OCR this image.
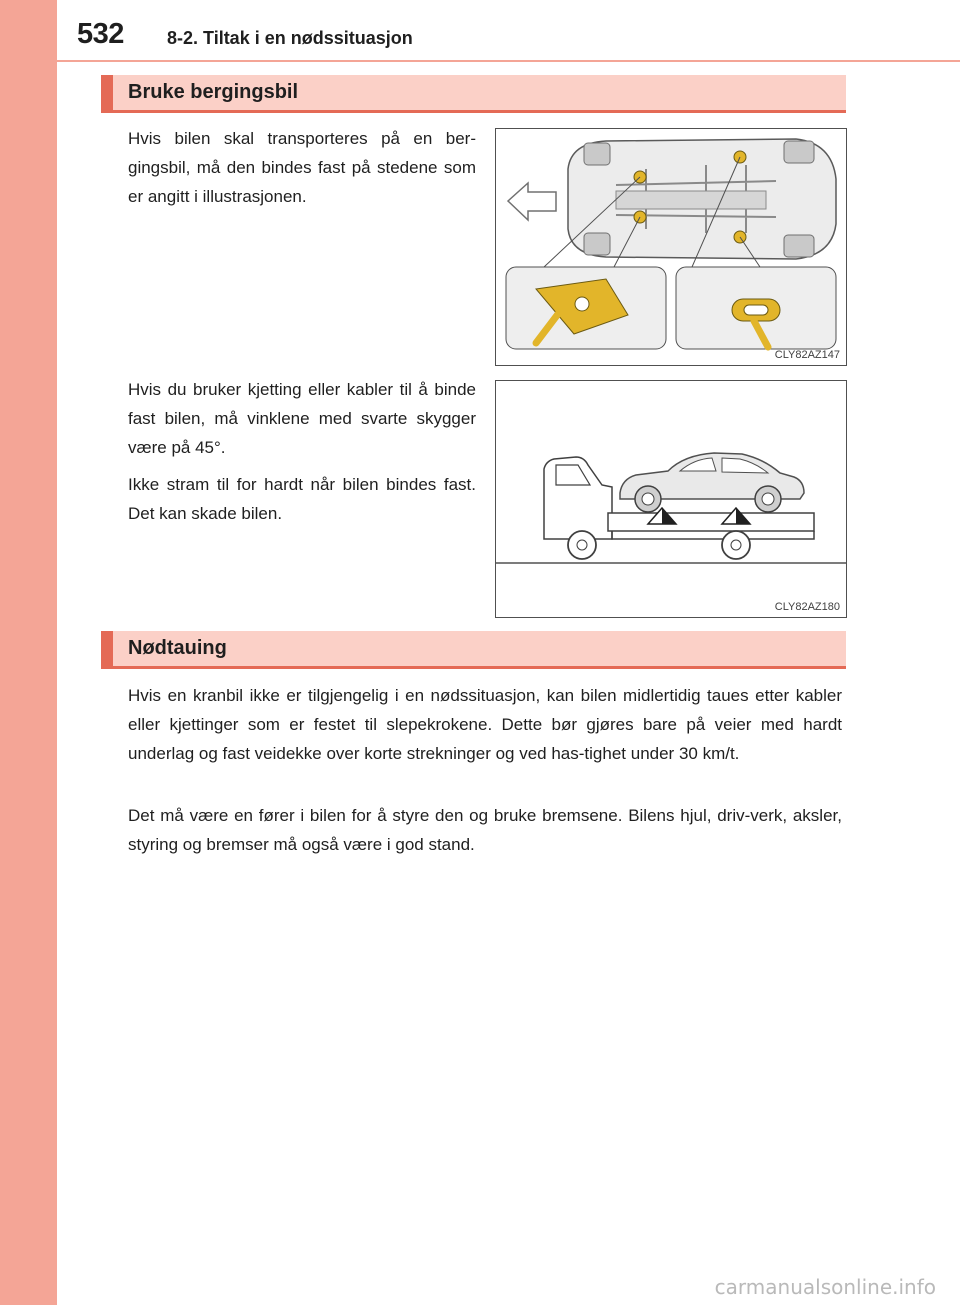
532 8-2. Tiltak i en nødssituasjon
Bruke bergingsbil

Hvis bilen skal transporteres på en ber-gingsbil, må den bindes fast på stedene som er angitt i illustrasjonen.

CLY82AZ147

Hvis du bruker kjetting eller kabler til å binde fast bilen, må vinklene med svarte skygger være på 45°.

Ikke stram til for hardt når bilen bindes fast. Det kan skade bilen.

CLY82AZ180
Nødtauing

Hvis en kranbil ikke er tilgjengelig i en nødssituasjon, kan bilen midlertidig taues etter kabler eller kjettinger som er festet til slepekrokene. Dette bør gjøres bare på veier med hardt underlag og fast veidekke over korte strekninger og ved has-tighet under 30 km/t.

Det må være en fører i bilen for å styre den og bruke bremsene. Bilens hjul, driv-verk, aksler, styring og bremser må også være i god stand.

carmanualsonline.info
